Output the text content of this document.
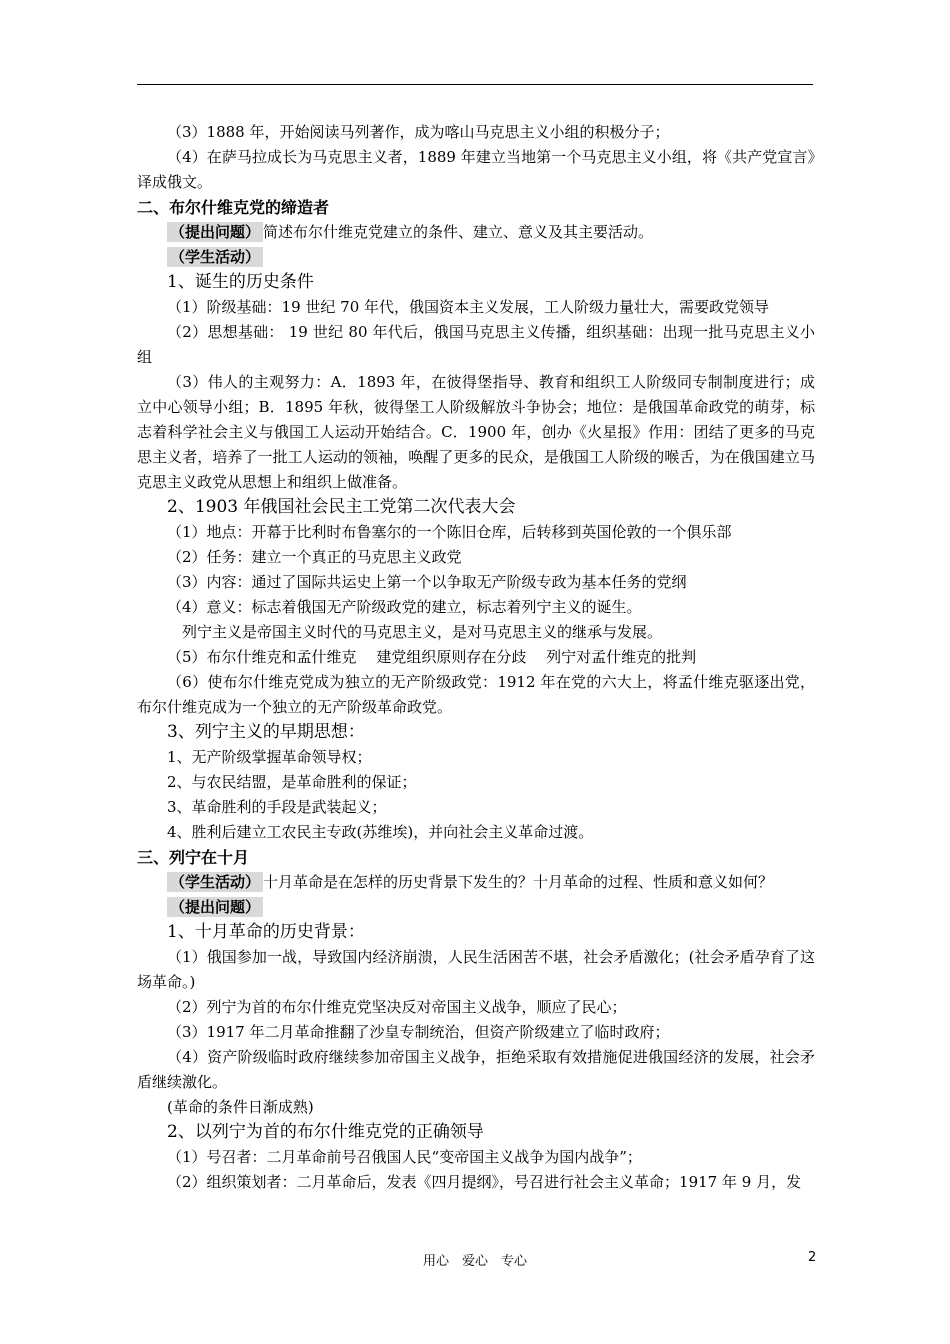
（3）1888 年，开始阅读马列著作，成为喀山马克思主义小组的积极分子；
（4）在萨马拉成长为马克思主义者，1889 年建立当地第一个马克思主义小组，将《共产党宣言》译成俄文。
二、布尔什维克党的缔造者
（提出问题） 简述布尔什维克党建立的条件、建立、意义及其主要活动。
（学生活动）
1、诞生的历史条件
（1）阶级基础：19 世纪 70 年代，俄国资本主义发展，工人阶级力量壮大，需要政党领导
（2）思想基础： 19 世纪 80 年代后，俄国马克思主义传播，组织基础：出现一批马克思主义小组
（3）伟人的主观努力：A．1893 年，在彼得堡指导、教育和组织工人阶级同专制制度进行；成立中心领导小组；B．1895 年秋，彼得堡工人阶级解放斗争协会；地位：是俄国革命政党的萌芽，标志着科学社会主义与俄国工人运动开始结合。C．1900 年，创办《火星报》作用：团结了更多的马克思主义者，培养了一批工人运动的领袖，唤醒了更多的民众，是俄国工人阶级的喉舌，为在俄国建立马克思主义政党从思想上和组织上做准备。
2、1903 年俄国社会民主工党第二次代表大会
（1）地点：开幕于比利时布鲁塞尔的一个陈旧仓库，后转移到英国伦敦的一个俱乐部
（2）任务：建立一个真正的马克思主义政党
（3）内容：通过了国际共运史上第一个以争取无产阶级专政为基本任务的党纲
（4）意义：标志着俄国无产阶级政党的建立，标志着列宁主义的诞生。
列宁主义是帝国主义时代的马克思主义，是对马克思主义的继承与发展。
（5）布尔什维克和孟什维克　 建党组织原则存在分歧　 列宁对孟什维克的批判
（6）使布尔什维克党成为独立的无产阶级政党：1912 年在党的六大上，将孟什维克驱逐出党，布尔什维克成为一个独立的无产阶级革命政党。
3、列宁主义的早期思想：
1、无产阶级掌握革命领导权；
2、与农民结盟，是革命胜利的保证；
3、革命胜利的手段是武装起义；
4、胜利后建立工农民主专政(苏维埃)，并向社会主义革命过渡。
三、列宁在十月
（学生活动） 十月革命是在怎样的历史背景下发生的？十月革命的过程、性质和意义如何？
（提出问题）
1、十月革命的历史背景：
（1）俄国参加一战，导致国内经济崩溃，人民生活困苦不堪，社会矛盾激化；(社会矛盾孕育了这场革命。)
（2）列宁为首的布尔什维克党坚决反对帝国主义战争，顺应了民心；
（3）1917 年二月革命推翻了沙皇专制统治，但资产阶级建立了临时政府；
（4）资产阶级临时政府继续参加帝国主义战争，拒绝采取有效措施促进俄国经济的发展，社会矛盾继续激化。
(革命的条件日渐成熟)
2、以列宁为首的布尔什维克党的正确领导
（1）号召者：二月革命前号召俄国人民“变帝国主义战争为国内战争”；
（2）组织策划者：二月革命后，发表《四月提纲》，号召进行社会主义革命；1917 年 9 月，发
用心　爱心　专心	2
